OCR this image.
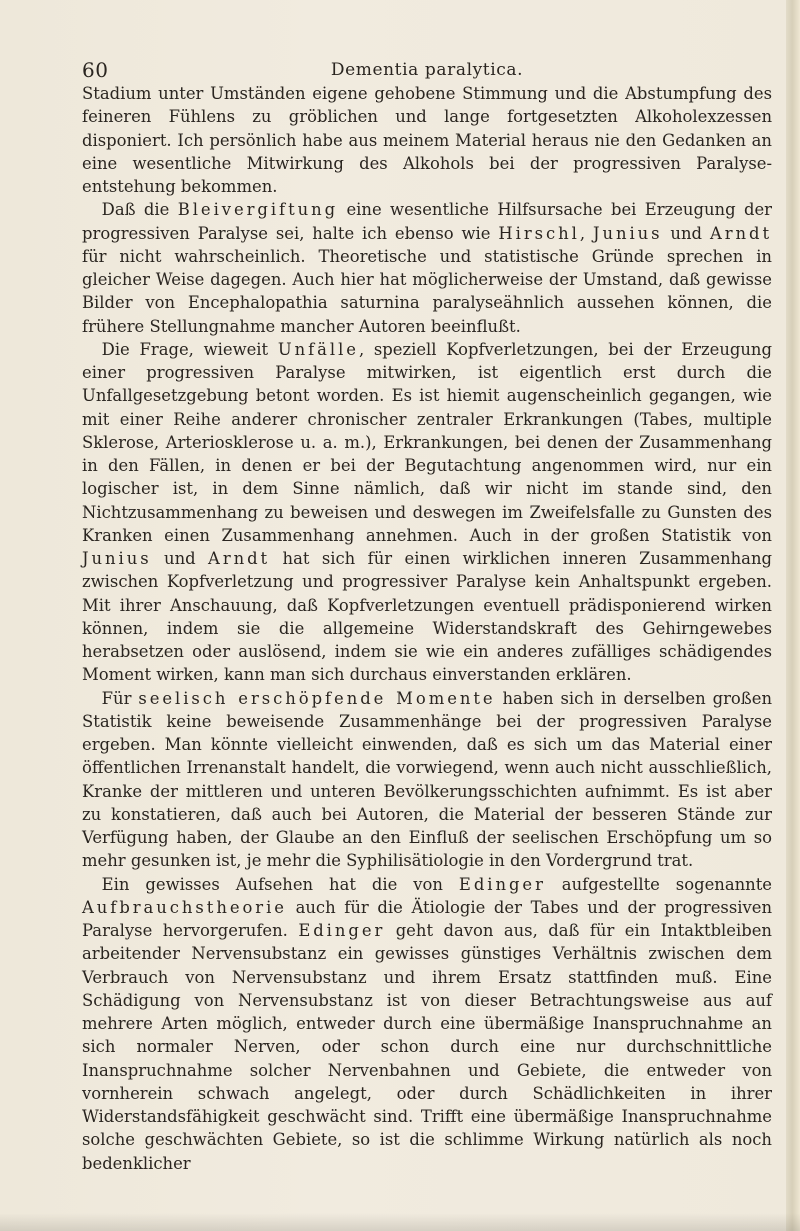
60	Dementia paralytica.

Stadium unter Umständen eigene gehobene Stimmung und die Abstumpfung des feineren Fühlens zu gröblichen und lange fortgesetzten Alkoholexzessen disponiert. Ich persönlich habe aus meinem Material heraus nie den Gedanken an eine wesentliche Mitwirkung des Alkohols bei der progressiven Paralyse-entstehung bekommen.

Daß die Bleivergiftung eine wesentliche Hilfsursache bei Erzeugung der progressiven Paralyse sei, halte ich ebenso wie Hirschl, Junius und Arndt für nicht wahrscheinlich. Theoretische und statistische Gründe sprechen in gleicher Weise dagegen. Auch hier hat möglicherweise der Umstand, daß gewisse Bilder von Encephalopathia saturnina paralyseähnlich aussehen können, die frühere Stellungnahme mancher Autoren beeinflußt.

Die Frage, wieweit Unfälle, speziell Kopfverletzungen, bei der Erzeugung einer progressiven Paralyse mitwirken, ist eigentlich erst durch die Unfallgesetzgebung betont worden. Es ist hiemit augenscheinlich gegangen, wie mit einer Reihe anderer chronischer zentraler Erkrankungen (Tabes, multiple Sklerose, Arteriosklerose u. a. m.), Erkrankungen, bei denen der Zusammenhang in den Fällen, in denen er bei der Begutachtung angenommen wird, nur ein logischer ist, in dem Sinne nämlich, daß wir nicht im stande sind, den Nichtzusammenhang zu beweisen und deswegen im Zweifelsfalle zu Gunsten des Kranken einen Zusammenhang annehmen. Auch in der großen Statistik von Junius und Arndt hat sich für einen wirklichen inneren Zusammenhang zwischen Kopfverletzung und progressiver Paralyse kein Anhaltspunkt ergeben. Mit ihrer Anschauung, daß Kopfverletzungen eventuell prädisponierend wirken können, indem sie die allgemeine Widerstandskraft des Gehirngewebes herabsetzen oder auslösend, indem sie wie ein anderes zufälliges schädigendes Moment wirken, kann man sich durchaus einverstanden erklären.

Für seelisch erschöpfende Momente haben sich in derselben großen Statistik keine beweisende Zusammenhänge bei der progressiven Paralyse ergeben. Man könnte vielleicht einwenden, daß es sich um das Material einer öffentlichen Irrenanstalt handelt, die vorwiegend, wenn auch nicht ausschließlich, Kranke der mittleren und unteren Bevölkerungsschichten aufnimmt. Es ist aber zu konstatieren, daß auch bei Autoren, die Material der besseren Stände zur Verfügung haben, der Glaube an den Einfluß der seelischen Erschöpfung um so mehr gesunken ist, je mehr die Syphilisätiologie in den Vordergrund trat.

Ein gewisses Aufsehen hat die von Edinger aufgestellte sogenannte Aufbrauchstheorie auch für die Ätiologie der Tabes und der progressiven Paralyse hervorgerufen. Edinger geht davon aus, daß für ein Intaktbleiben arbeitender Nervensubstanz ein gewisses günstiges Verhältnis zwischen dem Verbrauch von Nervensubstanz und ihrem Ersatz stattfinden muß. Eine Schädigung von Nervensubstanz ist von dieser Betrachtungsweise aus auf mehrere Arten möglich, entweder durch eine übermäßige Inanspruchnahme an sich normaler Nerven, oder schon durch eine nur durchschnittliche Inanspruchnahme solcher Nervenbahnen und Gebiete, die entweder von vornherein schwach angelegt, oder durch Schädlichkeiten in ihrer Widerstandsfähigkeit geschwächt sind. Trifft eine übermäßige Inanspruchnahme solche geschwächten Gebiete, so ist die schlimme Wirkung natürlich als noch bedenklicher
